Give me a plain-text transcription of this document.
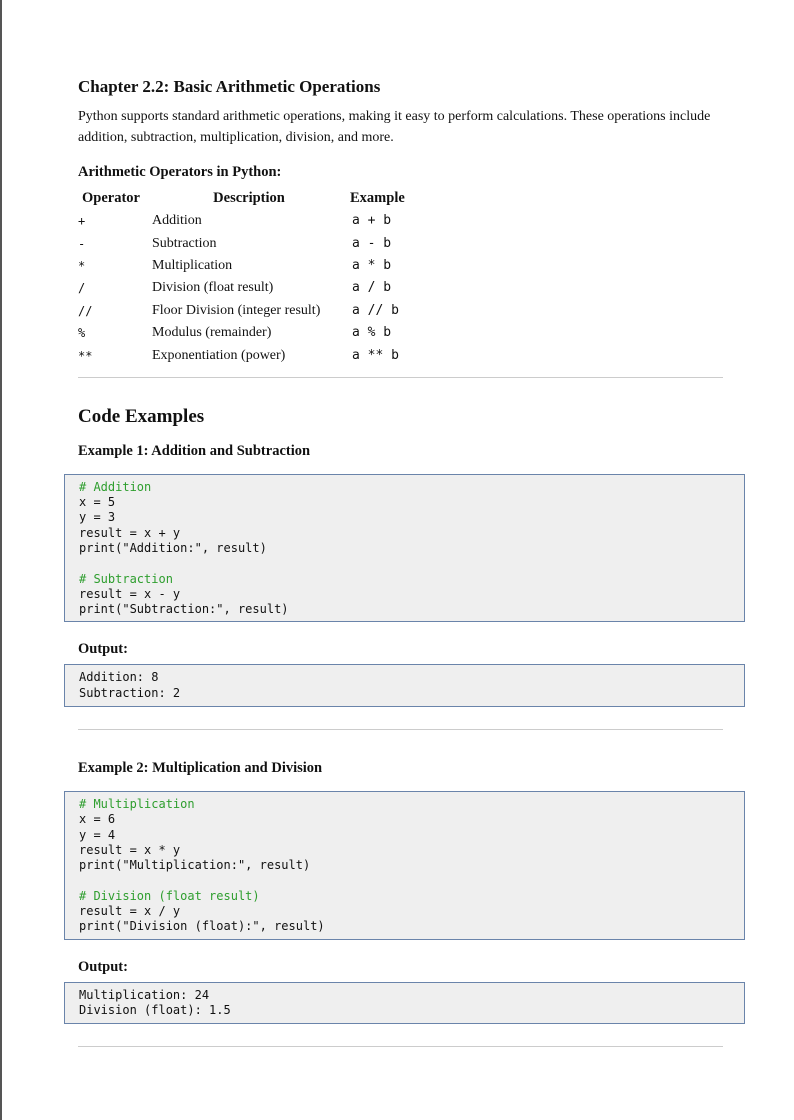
Chapter 2.2: Basic Arithmetic Operations

Python supports standard arithmetic operations, making it easy to perform calculations. These operations include addition, subtraction, multiplication, division, and more.

Arithmetic Operators in Python:
Operator	Description	Example
+	Addition	a + b
-	Subtraction	a - b
*	Multiplication	a * b
/	Division (float result)	a / b
//	Floor Division (integer result)	a // b
%	Modulus (remainder)	a % b
**	Exponentiation (power)	a ** b
Code Examples
Example 1: Addition and Subtraction
# Addition
x = 5
y = 3
result = x + y
print("Addition:", result)
# Subtraction
result = x - y
print("Subtraction:", result)
Output:
Addition: 8
Subtraction: 2
Example 2: Multiplication and Division
# Multiplication
x = 6
y = 4
result = x * y
print("Multiplication:", result)
# Division (float result)
result = x / y
print("Division (float):", result)
Output:
Multiplication: 24
Division (float): 1.5
